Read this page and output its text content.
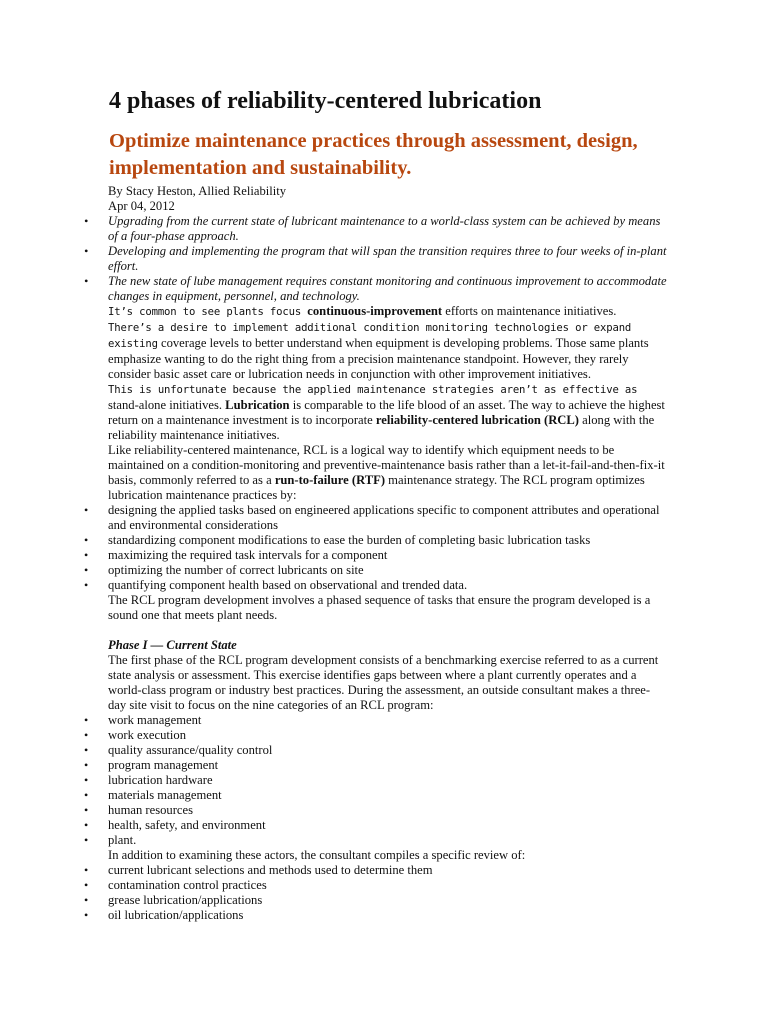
4 phases of reliability-centered lubrication
Optimize maintenance practices through assessment, design, implementation and sustainability.

By Stacy Heston, Allied Reliability

Apr 04, 2012

• Upgrading from the current state of lubricant maintenance to a world-class system can be achieved by means of a four-phase approach.
• Developing and implementing the program that will span the transition requires three to four weeks of in-plant effort.
• The new state of lube management requires constant monitoring and continuous improvement to accommodate changes in equipment, personnel, and technology.

It’s common to see plants focus continuous-improvement efforts on maintenance initiatives.
There’s a desire to implement additional condition monitoring technologies or expand existing coverage levels to better understand when equipment is developing problems. Those same plants emphasize wanting to do the right thing from a precision maintenance standpoint. However, they rarely consider basic asset care or lubrication needs in conjunction with other improvement initiatives.

This is unfortunate because the applied maintenance strategies aren’t as effective as stand-alone initiatives. Lubrication is comparable to the life blood of an asset. The way to achieve the highest return on a maintenance investment is to incorporate reliability-centered lubrication (RCL) along with the reliability maintenance initiatives.

Like reliability-centered maintenance, RCL is a logical way to identify which equipment needs to be maintained on a condition-monitoring and preventive-maintenance basis rather than a let-it-fail-and-then-fix-it basis, commonly referred to as a run-to-failure (RTF) maintenance strategy. The RCL program optimizes lubrication maintenance practices by:

• designing the applied tasks based on engineered applications specific to component attributes and operational and environmental considerations
• standardizing component modifications to ease the burden of completing basic lubrication tasks
• maximizing the required task intervals for a component
• optimizing the number of correct lubricants on site
• quantifying component health based on observational and trended data.

The RCL program development involves a phased sequence of tasks that ensure the program developed is a sound one that meets plant needs.

Phase I — Current State

The first phase of the RCL program development consists of a benchmarking exercise referred to as a current state analysis or assessment. This exercise identifies gaps between where a plant currently operates and a world-class program or industry best practices. During the assessment, an outside consultant makes a three-day site visit to focus on the nine categories of an RCL program:

• work management
• work execution
• quality assurance/quality control
• program management
• lubrication hardware
• materials management
• human resources
• health, safety, and environment
• plant.

In addition to examining these actors, the consultant compiles a specific review of:

• current lubricant selections and methods used to determine them
• contamination control practices
• grease lubrication/applications
• oil lubrication/applications
